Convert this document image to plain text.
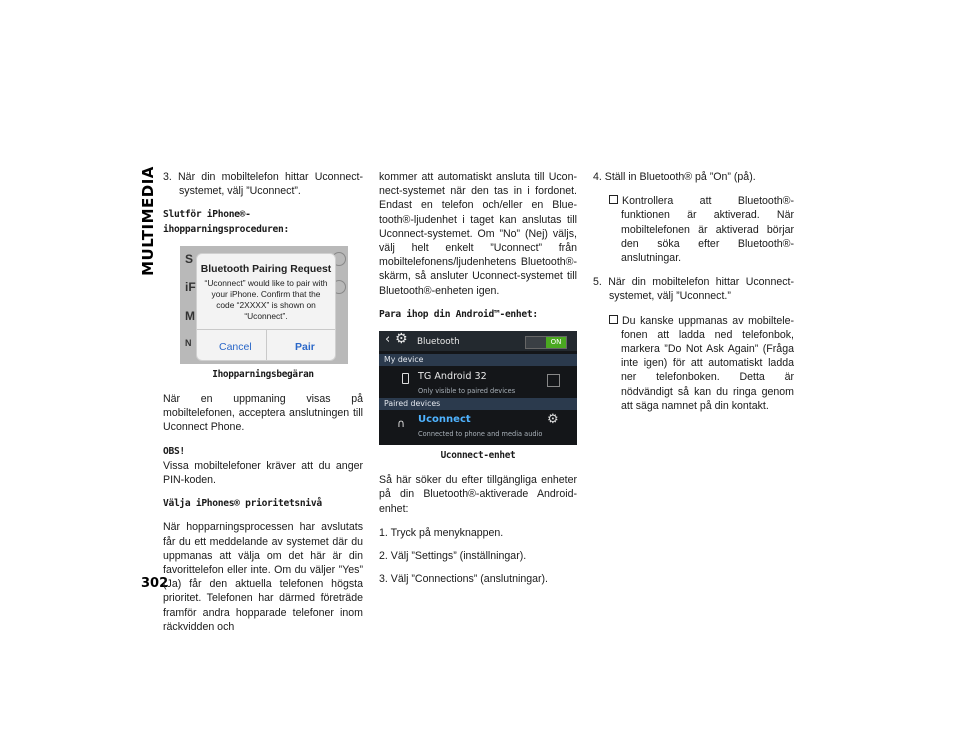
MULTIMEDIA
302

3. När din mobiltelefon hittar Uconnect-systemet, välj ”Uconnect”.

Slutför iPhone®-ihopparningsproceduren:
S
iF
M
N
Bluetooth Pairing Request
“Uconnect” would like to pair with your iPhone. Confirm that the code “2XXXX” is shown on “Uconnect”.
Cancel	Pair
Ihopparningsbegäran

När en uppmaning visas på mobiltelefonen, acceptera anslutningen till Uconnect Phone.

OBS!

Vissa mobiltelefoner kräver att du anger PIN-koden.

Välja iPhones® prioritetsnivå

När hopparningsprocessen har avslutats får du ett meddelande av systemet där du uppmanas att välja om det här är din favorittelefon eller inte. Om du väljer ”Yes” (Ja) får den aktuella telefonen högsta prioritet. Telefonen har därmed företräde framför andra hopparade telefoner inom räckvidden och

kommer att automatiskt ansluta till Uconnect-systemet när den tas in i fordonet. Endast en telefon och/eller en Bluetooth®-ljudenhet i taget kan anslutas till Uconnect-systemet. Om ”No” (Nej) väljs, välj helt enkelt ”Uconnect” från mobiltelefonens/ljudenhetens Bluetooth®-skärm, så ansluter Uconnect-systemet till Bluetooth®-enheten igen.

Para ihop din Android™-enhet:
‹ ⚙ Bluetooth	ON
My device
TG Android 32
Only visible to paired devices
Paired devices
∩ Uconnect
Connected to phone and media audio
⚙
Uconnect-enhet

Så här söker du efter tillgängliga enheter på din Bluetooth®-aktiverade Android-enhet:

1. Tryck på menyknappen.
2. Välj ”Settings” (inställningar).
3. Välj ”Connections” (anslutningar).

4. Ställ in Bluetooth® på ”On” (på).

Kontrollera att Bluetooth®-funktionen är aktiverad. När mobiltelefonen är aktiverad börjar den söka efter Bluetooth®-anslutningar.

5. När din mobiltelefon hittar Uconnect-systemet, välj ”Uconnect.”

Du kanske uppmanas av mobiltelefonen att ladda ned telefonbok, markera ”Do Not Ask Again” (Fråga inte igen) för att automatiskt ladda ner telefonboken. Detta är nödvändigt så kan du ringa genom att säga namnet på din kontakt.
